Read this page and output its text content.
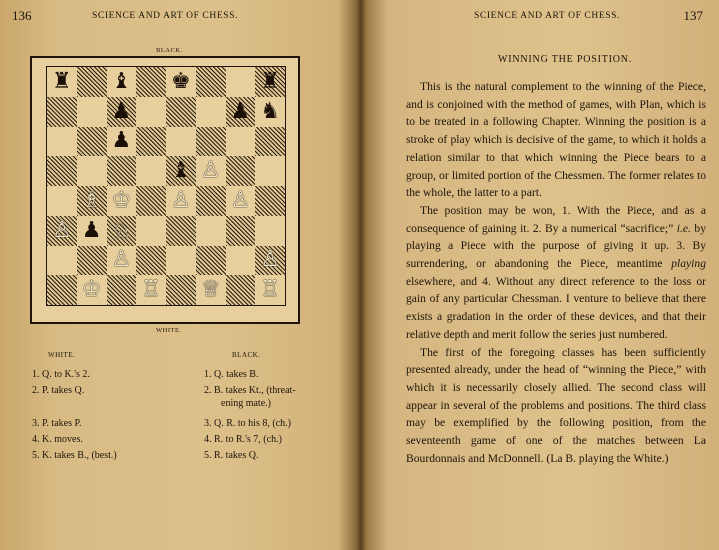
136	SCIENCE AND ART OF CHESS.
BLACK.
♜ ♝ ♚	♜
♟	♟ ♞
♟
♝ ♙
♗ ♔ ♙ ♙
♙ ♟ ♘
♙	♙
♔ ♖ ♕ ♖
WHITE.
WHITE.	BLACK.
1. Q. to K.'s 2.
2. P. takes Q.
3. P. takes P.
4. K. moves.
5. K. takes B., (best.)
1. Q. takes B.
2. B. takes Kt., (threat-
ening mate.)
3. Q. R. to his 8, (ch.)
4. R. to R.'s 7, (ch.)
5. R. takes Q.
SCIENCE AND ART OF CHESS.	137
WINNING THE POSITION.

This is the natural complement to the winning of the Piece, and is conjoined with the method of games, with Plan, which is to be treated in a following Chapter. Winning the position is a stroke of play which is decisive of the game, to which it holds a relation similar to that which winning the Piece bears to a group, or limited portion of the Chessmen. The former relates to the whole, the latter to a part.

The position may be won, 1. With the Piece, and as a consequence of gaining it. 2. By a numerical “sacrifice;” i.e. by playing a Piece with the purpose of giving it up. 3. By surrendering, or abandoning the Piece, meantime playing elsewhere, and 4. Without any direct reference to the loss or gain of any particular Chessman. I venture to believe that there exists a gradation in the order of these devices, and that their relative depth and merit follow the series just numbered.

The first of the foregoing classes has been sufficiently presented already, under the head of “winning the Piece,” with which it is necessarily closely allied. The second class will appear in several of the problems and positions. The third class may be exemplified by the following position, from the seventeenth game of one of the matches between La Bourdonnais and McDonnell. (La B. playing the White.)
